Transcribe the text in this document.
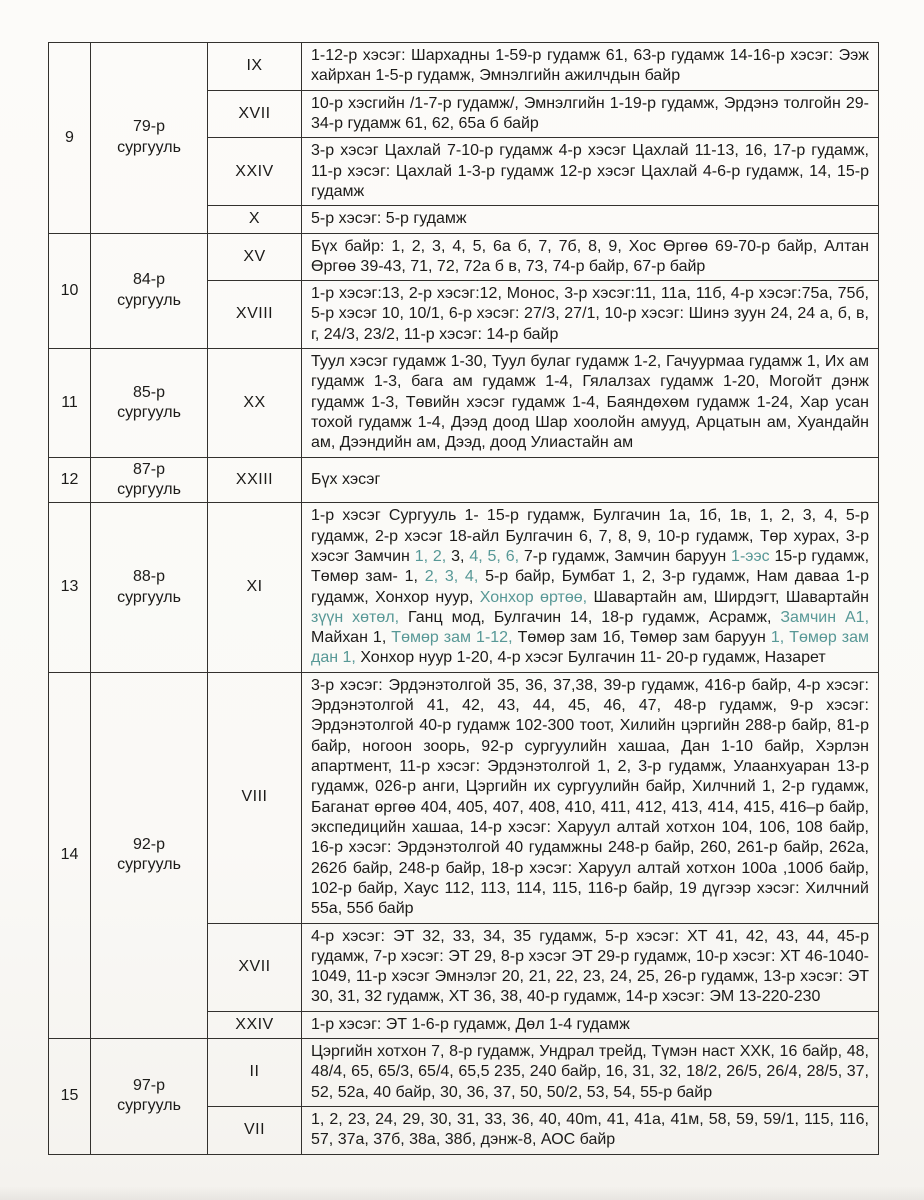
9	79-р сургууль	IX	1-12-р хэсэг: Шархадны 1-59-р гудамж 61, 63-р гудамж 14-16-р хэсэг: Ээж хайрхан 1-5-р гудамж, Эмнэлгийн ажилчдын байр
		XVII	10-р хэсгийн /1-7-р гудамж/, Эмнэлгийн 1-19-р гудамж, Эрдэнэ толгойн 29-34-р гудамж 61, 62, 65а б байр
		XXIV	3-р хэсэг Цахлай 7-10-р гудамж 4-р хэсэг Цахлай 11-13, 16, 17-р гудамж, 11-р хэсэг: Цахлай 1-3-р гудамж 12-р хэсэг Цахлай 4-6-р гудамж, 14, 15-р гудамж
		X	5-р хэсэг: 5-р гудамж
10	84-р сургууль	XV	Бүх байр: 1, 2, 3, 4, 5, 6а б, 7, 7б, 8, 9, Хос Өргөө 69-70-р байр, Алтан Өргөө 39-43, 71, 72, 72а б в, 73, 74-р байр, 67-р байр
		XVIII	1-р хэсэг:13, 2-р хэсэг:12, Монос, 3-р хэсэг:11, 11а, 11б, 4-р хэсэг:75а, 75б, 5-р хэсэг 10, 10/1, 6-р хэсэг: 27/3, 27/1, 10-р хэсэг: Шинэ зуун 24, 24 а, б, в, г, 24/3, 23/2, 11-р хэсэг: 14-р байр
11	85-р сургууль	XX	Туул хэсэг гудамж 1-30, Туул булаг гудамж 1-2, Гачуурмаа гудамж 1, Их ам гудамж 1-3, бага ам гудамж 1-4, Гялалзах гудамж 1-20, Могойт дэнж гудамж 1-3, Төвийн хэсэг гудамж 1-4, Баяндөхөм гудамж 1-24, Хар усан тохой гудамж 1-4, Дээд доод Шар хоолойн амууд, Арцатын ам, Хуандайн ам, Дээндийн ам, Дээд, доод Улиастайн ам
12	87-р сургууль	XXIII	Бүх хэсэг
13	88-р сургууль	XI	1-р хэсэг Сургууль 1- 15-р гудамж, Булгачин 1а, 1б, 1в, 1, 2, 3, 4, 5-р гудамж, 2-р хэсэг 18-айл Булгачин 6, 7, 8, 9, 10-р гудамж, Төр хурах, 3-р хэсэг Замчин 1, 2, 3, 4, 5, 6, 7-р гудамж, Замчин баруун 1-ээс 15-р гудамж, Төмөр зам- 1, 2, 3, 4, 5-р байр, Бумбат 1, 2, 3-р гудамж, Нам даваа 1-р гудамж, Хонхор нуур, Хонхор өртөө, Шавартайн ам, Ширдэгт, Шавартайн зүүн хөтөл, Ганц мод, Булгачин 14, 18-р гудамж, Асрамж, Замчин А1, Майхан 1, Төмөр зам 1-12, Төмөр зам 1б, Төмөр зам баруун 1, Төмөр зам дан 1, Хонхор нуур 1-20, 4-р хэсэг Булгачин 11- 20-р гудамж, Назарет
14	92-р сургууль	VIII	3-р хэсэг: Эрдэнэтолгой 35, 36, 37,38, 39-р гудамж, 416-р байр, 4-р хэсэг: Эрдэнэтолгой 41, 42, 43, 44, 45, 46, 47, 48-р гудамж, 9-р хэсэг: Эрдэнэтолгой 40-р гудамж 102-300 тоот, Хилийн цэргийн 288-р байр, 81-р байр, ногоон зоорь, 92-р сургуулийн хашаа, Дан 1-10 байр, Хэрлэн апартмент, 11-р хэсэг: Эрдэнэтолгой 1, 2, 3-р гудамж, Улаанхуаран 13-р гудамж, 026-р анги, Цэргийн их сургуулийн байр, Хилчний 1, 2-р гудамж, Баганат өргөө 404, 405, 407, 408, 410, 411, 412, 413, 414, 415, 416–р байр, экспедицийн хашаа, 14-р хэсэг: Харуул алтай хотхон 104, 106, 108 байр, 16-р хэсэг: Эрдэнэтолгой 40 гудамжны 248-р байр, 260, 261-р байр, 262а, 262б байр, 248-р байр, 18-р хэсэг: Харуул алтай хотхон 100а ,100б байр, 102-р байр, Хаус 112, 113, 114, 115, 116-р байр, 19 дүгээр хэсэг: Хилчний 55а, 55б байр
		XVII	4-р хэсэг: ЭТ 32, 33, 34, 35 гудамж, 5-р хэсэг: ХТ 41, 42, 43, 44, 45-р гудамж, 7-р хэсэг: ЭТ 29, 8-р хэсэг ЭТ 29-р гудамж, 10-р хэсэг: ХТ 46-1040-1049, 11-р хэсэг Эмнэлэг 20, 21, 22, 23, 24, 25, 26-р гудамж, 13-р хэсэг: ЭТ 30, 31, 32 гудамж, ХТ 36, 38, 40-р гудамж, 14-р хэсэг: ЭМ 13-220-230
		XXIV	1-р хэсэг: ЭТ 1-6-р гудамж, Дөл 1-4 гудамж
15	97-р сургууль	II	Цэргийн хотхон 7, 8-р гудамж, Ундрал трейд, Түмэн наст ХХК, 16 байр, 48, 48/4, 65, 65/3, 65/4, 65,5 235, 240 байр, 16, 31, 32, 18/2, 26/5, 26/4, 28/5, 37, 52, 52а, 40 байр, 30, 36, 37, 50, 50/2, 53, 54, 55-р байр
		VII	1, 2, 23, 24, 29, 30, 31, 33, 36, 40, 40m, 41, 41а, 41м, 58, 59, 59/1, 115, 116, 57, 37а, 37б, 38а, 38б, дэнж-8, АОС байр
